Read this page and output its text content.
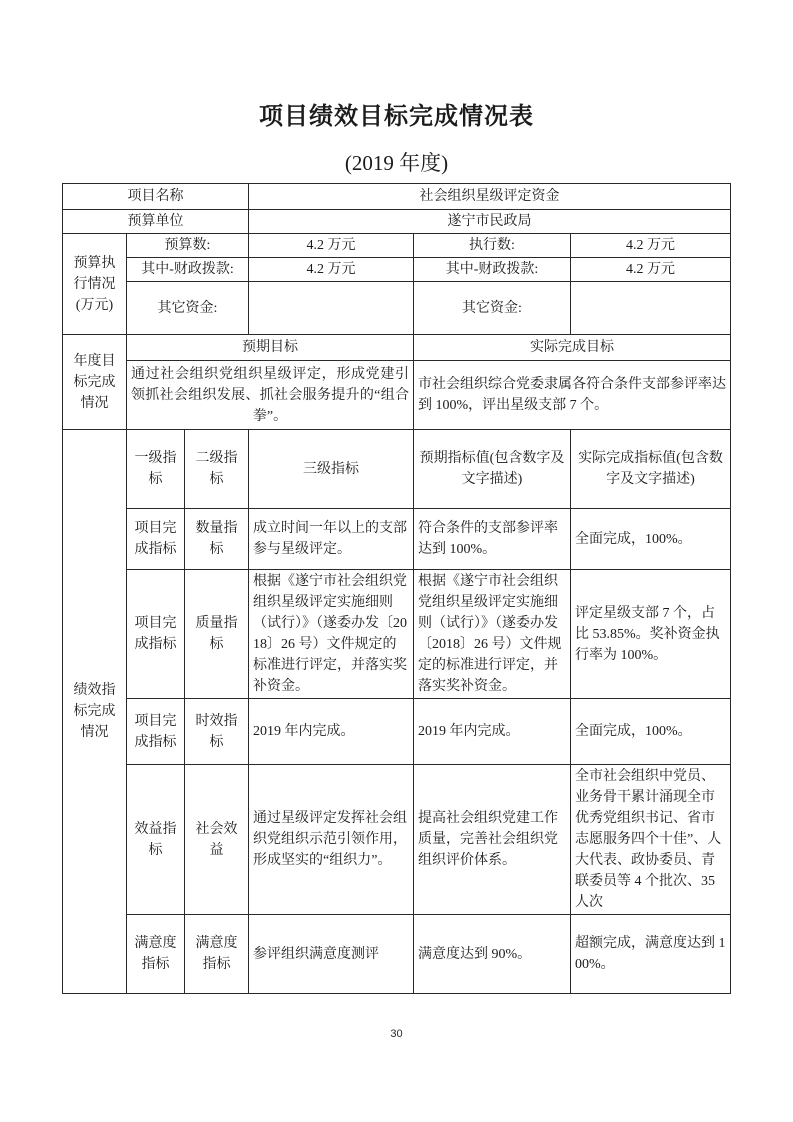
项目绩效目标完成情况表
(2019 年度)
项目名称			社会组织星级评定资金		
预算单位			遂宁市民政局		
预算执行情况(万元)	预算数:		4.2 万元	执行数:	4.2 万元
	其中-财政拨款:		4.2 万元	其中-财政拨款:	4.2 万元
	其它资金:			其它资金:	
年度目标完成情况	预期目标			实际完成目标	
	通过社会组织党组织星级评定，形成党建引领抓社会组织发展、抓社会服务提升的“组合拳”。			市社会组织综合党委隶属各符合条件支部参评率达到 100%，评出星级支部 7 个。	
绩效指标完成情况	一级指标	二级指标	三级指标	预期指标值(包含数字及文字描述)	实际完成指标值(包含数字及文字描述)
	项目完成指标	数量指标	成立时间一年以上的支部参与星级评定。	符合条件的支部参评率达到 100%。	全面完成，100%。
	项目完成指标	质量指标	根据《遂宁市社会组织党组织星级评定实施细则（试行）》（遂委办发〔2018〕26 号）文件规定的标准进行评定，并落实奖补资金。	根据《遂宁市社会组织党组织星级评定实施细则（试行）》（遂委办发〔2018〕26 号）文件规定的标准进行评定，并落实奖补资金。	评定星级支部 7 个，占比 53.85%。奖补资金执行率为 100%。
	项目完成指标	时效指标	2019 年内完成。	2019 年内完成。	全面完成，100%。
	效益指标	社会效益	通过星级评定发挥社会组织党组织示范引领作用，形成坚实的“组织力”。	提高社会组织党建工作质量，完善社会组织党组织评价体系。	全市社会组织中党员、业务骨干累计涌现全市优秀党组织书记、省市志愿服务四个十佳”、人大代表、政协委员、青联委员等 4 个批次、35 人次
	满意度指标	满意度指标	参评组织满意度测评	满意度达到 90%。	超额完成，满意度达到 100%。
30
